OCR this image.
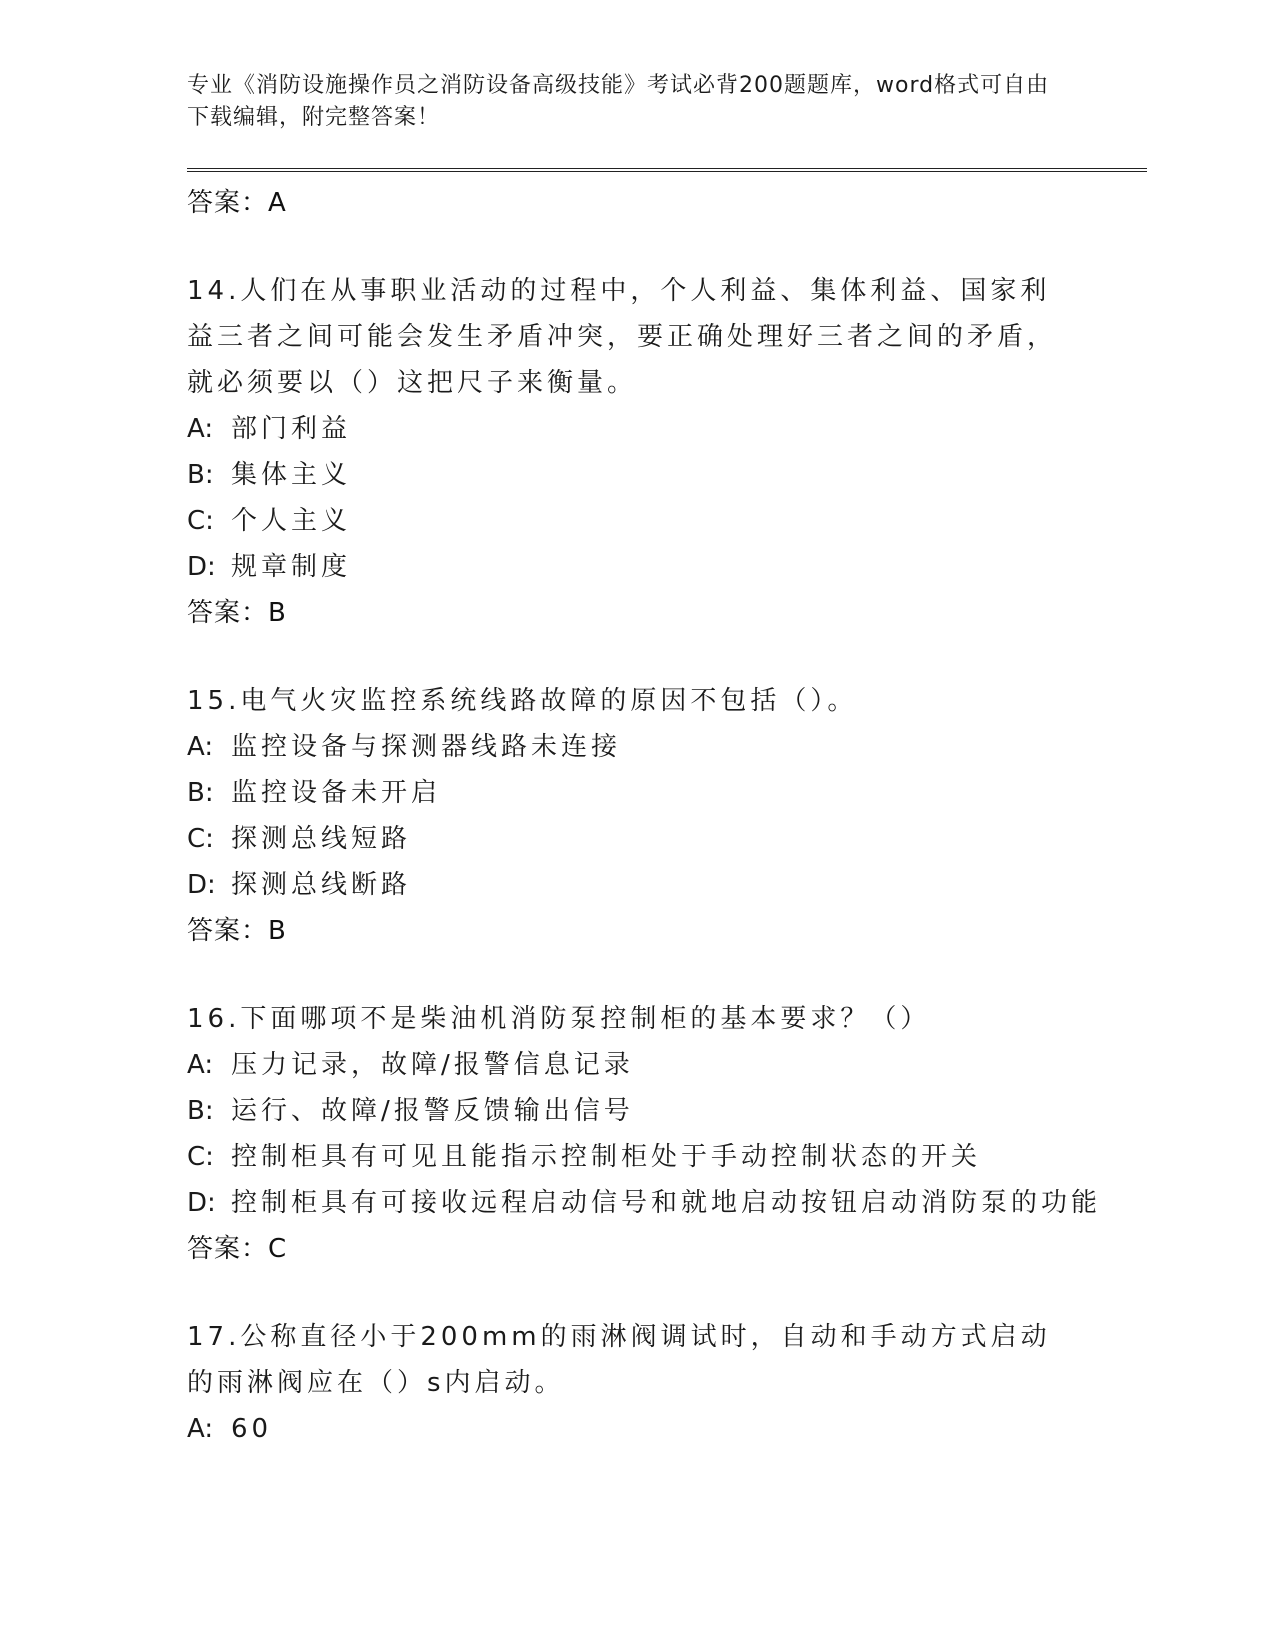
专业《消防设施操作员之消防设备高级技能》考试必背200题题库，word格式可自由下载编辑，附完整答案！
答案：A
14.人们在从事职业活动的过程中，个人利益、集体利益、国家利益三者之间可能会发生矛盾冲突，要正确处理好三者之间的矛盾，就必须要以（）这把尺子来衡量。
A: 部门利益
B: 集体主义
C: 个人主义
D: 规章制度
答案：B
15.电气火灾监控系统线路故障的原因不包括（）。
A: 监控设备与探测器线路未连接
B: 监控设备未开启
C: 探测总线短路
D: 探测总线断路
答案：B
16.下面哪项不是柴油机消防泵控制柜的基本要求？（）
A: 压力记录，故障/报警信息记录
B: 运行、故障/报警反馈输出信号
C: 控制柜具有可见且能指示控制柜处于手动控制状态的开关
D: 控制柜具有可接收远程启动信号和就地启动按钮启动消防泵的功能
答案：C
17.公称直径小于200mm的雨淋阀调试时，自动和手动方式启动的雨淋阀应在（）s内启动。
A: 60
